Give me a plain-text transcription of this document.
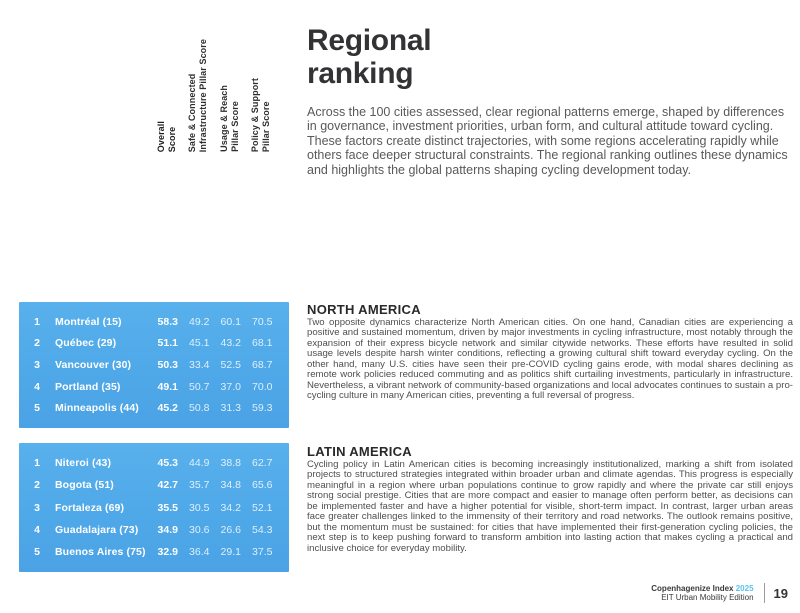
Overall Score Safe & Connected Infrastructure Pillar Score Usage & Reach Pillar Score Policy & Support Pillar Score
1	Montréal (15)	58.3	49.2	60.1	70.5
2	Québec (29)	51.1	45.1	43.2	68.1
3	Vancouver (30)	50.3	33.4	52.5	68.7
4	Portland (35)	49.1	50.7	37.0	70.0
5	Minneapolis (44)	45.2	50.8	31.3	59.3
1	Niteroi (43)	45.3	44.9	38.8	62.7
2	Bogota (51)	42.7	35.7	34.8	65.6
3	Fortaleza (69)	35.5	30.5	34.2	52.1
4	Guadalajara (73)	34.9	30.6	26.6	54.3
5	Buenos Aires (75)	32.9	36.4	29.1	37.5
Regional
ranking

Across the 100 cities assessed, clear regional patterns emerge, shaped by differences in governance, investment priorities, urban form, and cultural attitude toward cycling. These factors create distinct trajectories, with some regions accelerating rapidly while others face deeper structural constraints. The regional ranking outlines these dynamics and highlights the global patterns shaping cycling development today.

NORTH AMERICA

Two opposite dynamics characterize North American cities. On one hand, Canadian cities are experiencing a positive and sustained momentum, driven by major investments in cycling infrastructure, most notably through the expansion of their express bicycle network and similar citywide networks. These efforts have resulted in solid usage levels despite harsh winter conditions, reflecting a growing cultural shift toward everyday cycling. On the other hand, many U.S. cities have seen their pre-COVID cycling gains erode, with modal shares declining as remote work policies reduced commuting and as politics shift curtailing investments, particularly in infrastructure. Nevertheless, a vibrant network of community-based organizations and local advocates continues to sustain a pro-cycling culture in many American cities, preventing a full reversal of progress.

LATIN AMERICA

Cycling policy in Latin American cities is becoming increasingly institutionalized, marking a shift from isolated projects to structured strategies integrated within broader urban and climate agendas. This progress is especially meaningful in a region where urban populations continue to grow rapidly and where the private car still enjoys strong social prestige. Cities that are more compact and easier to manage often perform better, as decisions can be implemented faster and have a higher potential for visible, short-term impact. In contrast, larger urban areas face greater challenges linked to the immensity of their territory and road networks. The outlook remains positive, but the momentum must be sustained: for cities that have implemented their first-generation cycling policies, the next step is to keep pushing forward to transform ambition into lasting action that makes cycling a practical and inclusive choice for everyday mobility.

Copenhagenize Index 2025
EIT Urban Mobility Edition 19
